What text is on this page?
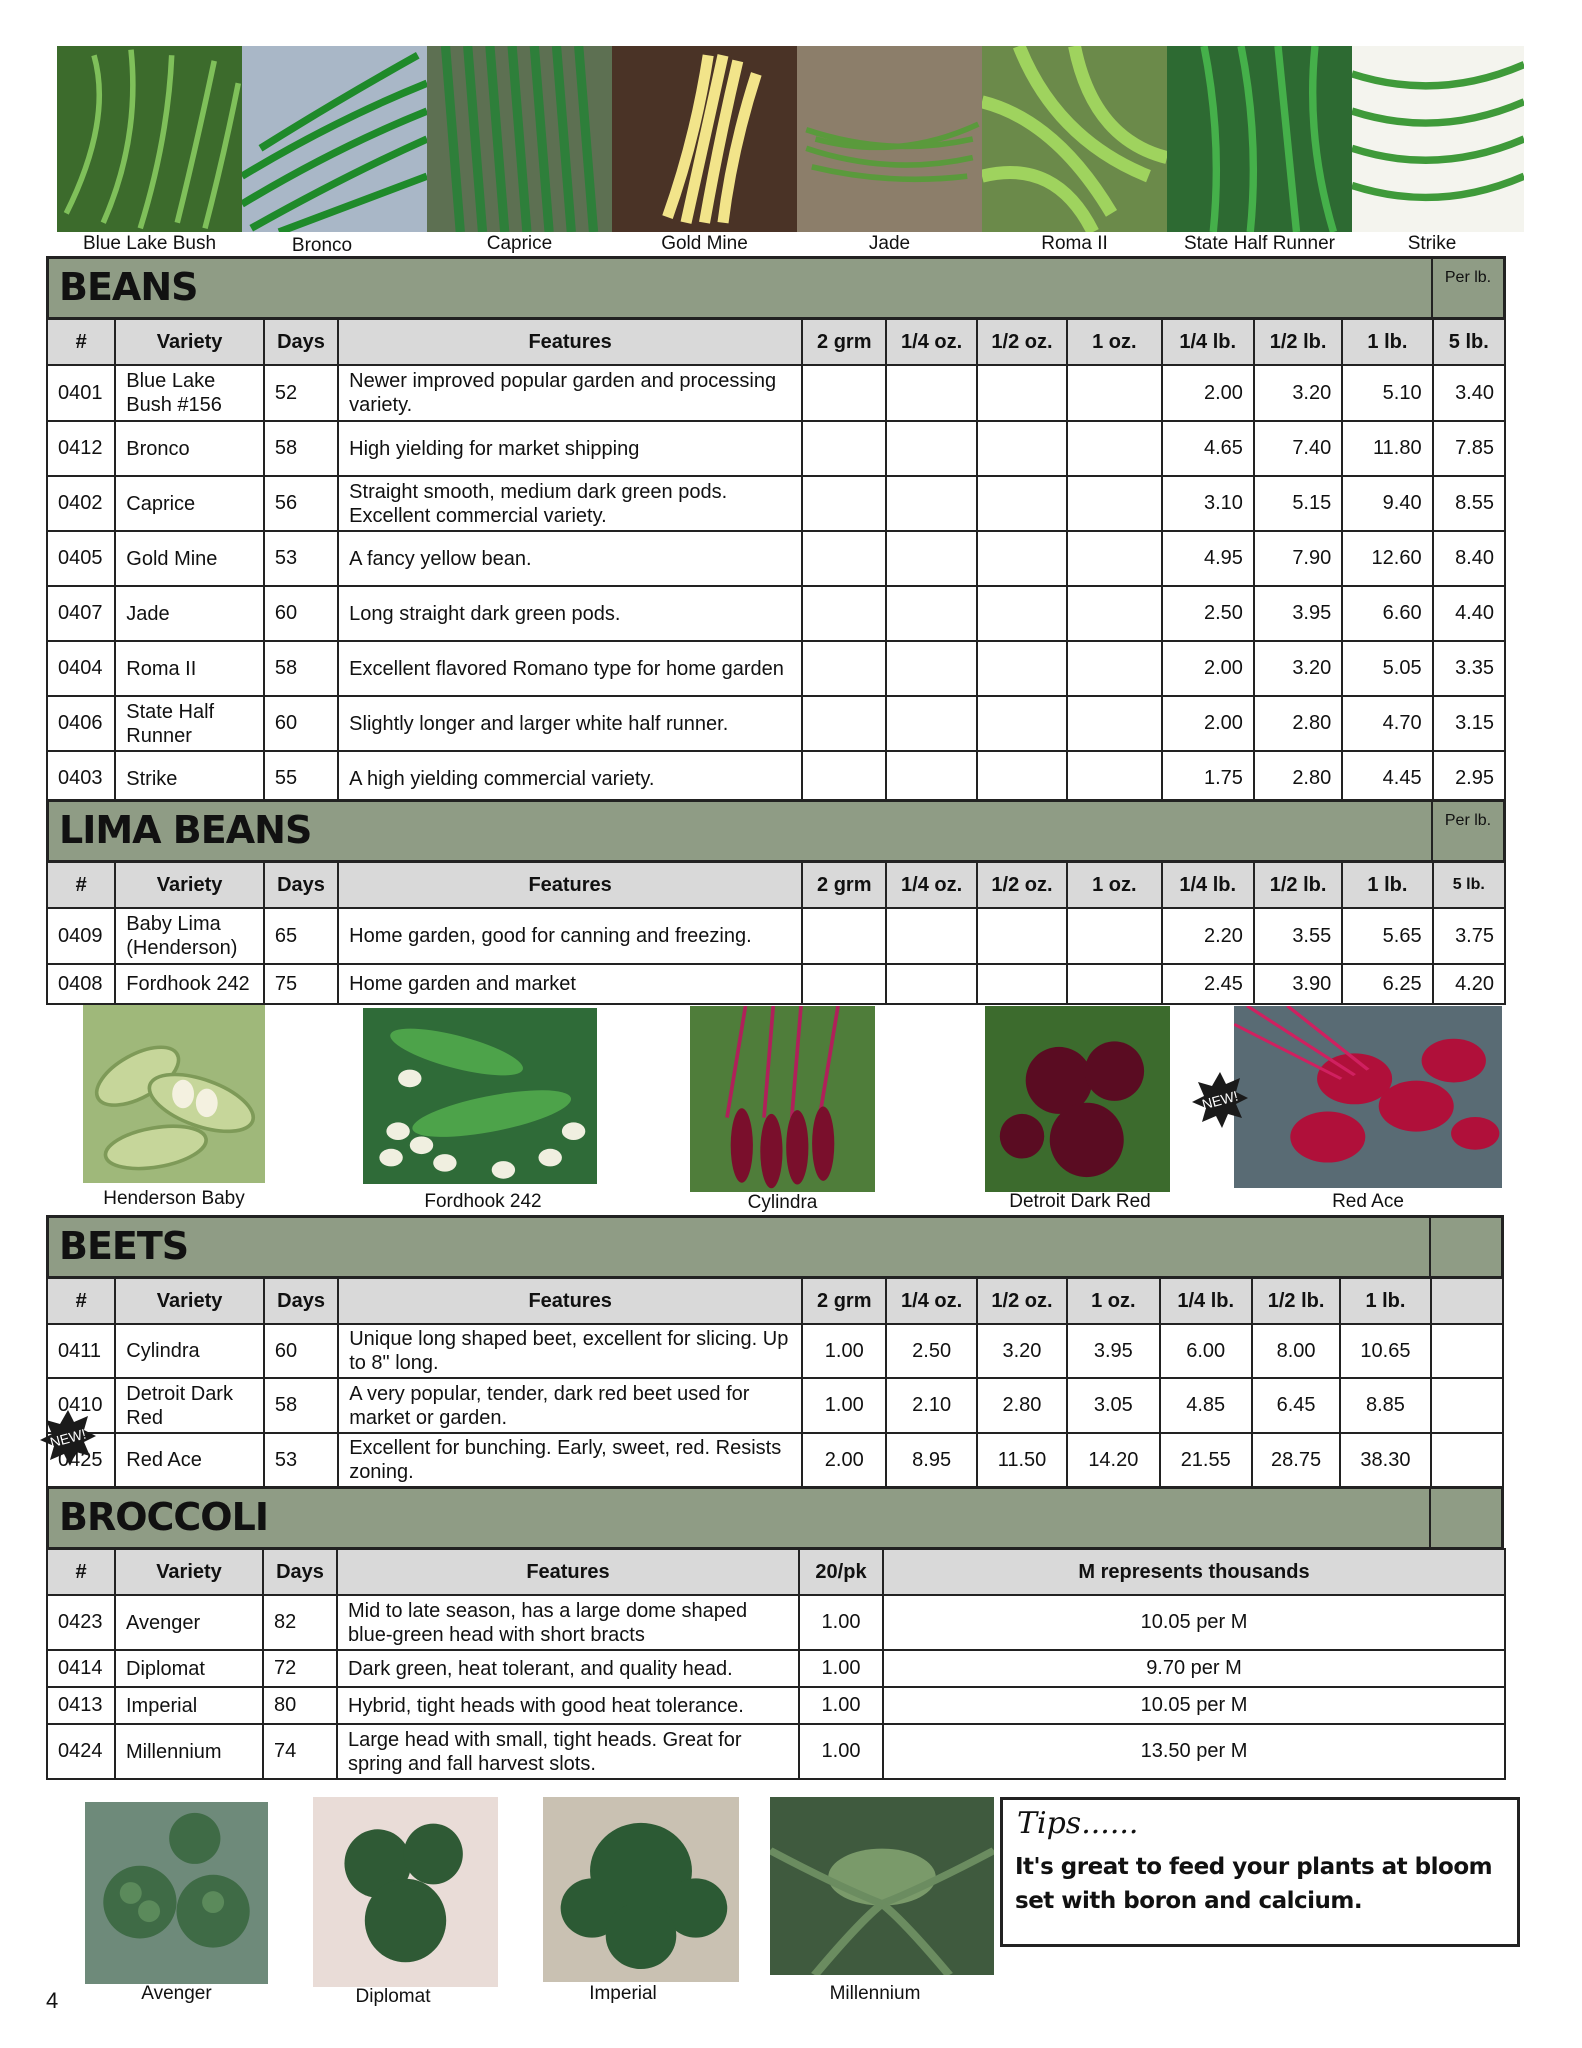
Blue Lake Bush	Bronco	Caprice	Gold Mine	Jade	Roma II	State Half Runner	Strike
BEANS	Per lb.
#	Variety	Days	Features	2 grm	1/4 oz.	1/2 oz.	1 oz.	1/4 lb.	1/2 lb.	1 lb.	5 lb.
0401	Blue Lake Bush #156	52	Newer improved popular garden and processing variety.					2.00	3.20	5.10	3.40
0412	Bronco	58	High yielding for market shipping					4.65	7.40	11.80	7.85
0402	Caprice	56	Straight smooth, medium dark green pods. Excellent commercial variety.					3.10	5.15	9.40	8.55
0405	Gold Mine	53	A fancy yellow bean.					4.95	7.90	12.60	8.40
0407	Jade	60	Long straight dark green pods.					2.50	3.95	6.60	4.40
0404	Roma II	58	Excellent flavored Romano type for home garden					2.00	3.20	5.05	3.35
0406	State Half Runner	60	Slightly longer and larger white half runner.					2.00	2.80	4.70	3.15
0403	Strike	55	A high yielding commercial variety.					1.75	2.80	4.45	2.95
LIMA BEANS	Per lb.
#	Variety	Days	Features	2 grm	1/4 oz.	1/2 oz.	1 oz.	1/4 lb.	1/2 lb.	1 lb.	5 lb.
0409	Baby Lima (Henderson)	65	Home garden, good for canning and freezing.					2.20	3.55	5.65	3.75
0408	Fordhook 242	75	Home garden and market					2.45	3.90	6.25	4.20
Henderson Baby	Fordhook 242	Cylindra	Detroit Dark Red	Red Ace
NEW!
BEETS
#	Variety	Days	Features	2 grm	1/4 oz.	1/2 oz.	1 oz.	1/4 lb.	1/2 lb.	1 lb.	
0411	Cylindra	60	Unique long shaped beet, excellent for slicing. Up to 8" long.	1.00	2.50	3.20	3.95	6.00	8.00	10.65	
0410	Detroit Dark Red	58	A very popular, tender, dark red beet used for market or garden.	1.00	2.10	2.80	3.05	4.85	6.45	8.85	
0425	Red Ace	53	Excellent for bunching. Early, sweet, red. Resists zoning.	2.00	8.95	11.50	14.20	21.55	28.75	38.30	
NEW!
BROCCOLI
#	Variety	Days	Features	20/pk	M represents thousands
0423	Avenger	82	Mid to late season, has a large dome shaped blue-green head with short bracts	1.00	10.05 per M
0414	Diplomat	72	Dark green, heat tolerant, and quality head.	1.00	9.70 per M
0413	Imperial	80	Hybrid, tight heads with good heat tolerance.	1.00	10.05 per M
0424	Millennium	74	Large head with small, tight heads. Great for spring and fall harvest slots.	1.00	13.50 per M
Avenger	Diplomat	Imperial	Millennium
Tips......
It's great to feed your plants at bloom set with boron and calcium.
4
